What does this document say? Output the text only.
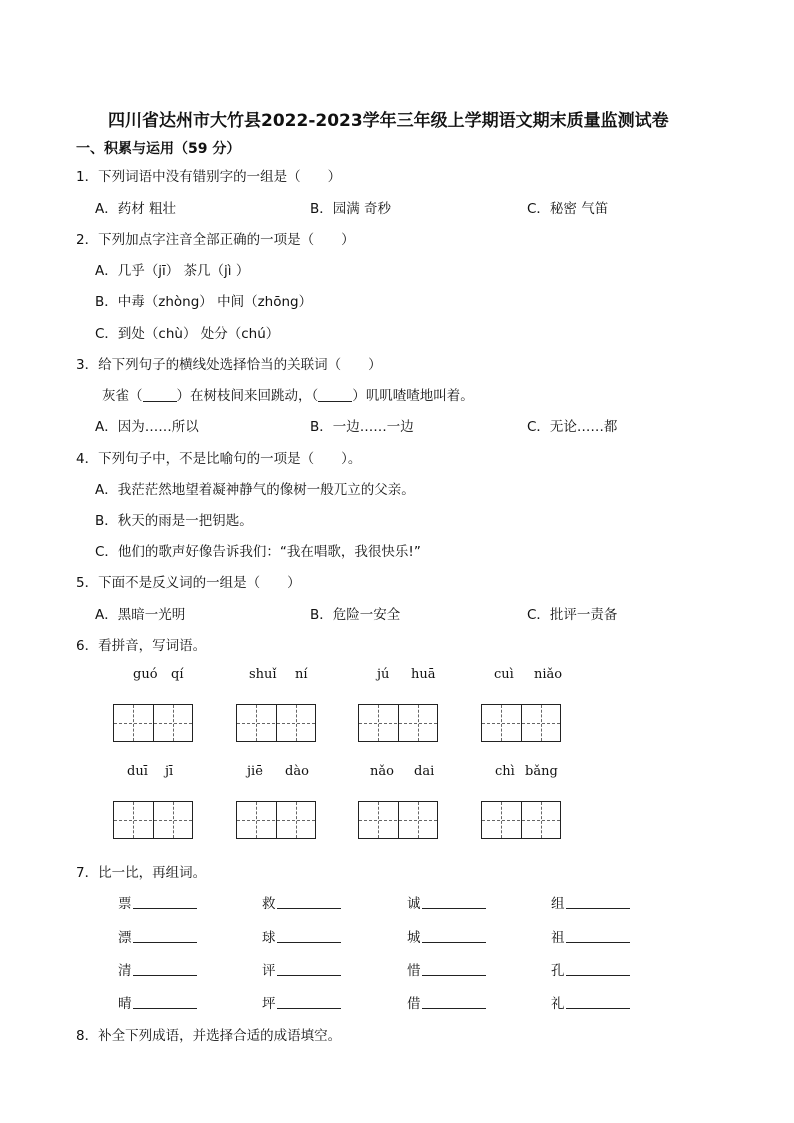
四川省达州市大竹县2022-2023学年三年级上学期语文期末质量监测试卷
一、积累与运用（59 分）
1．下列词语中没有错别字的一组是（　　）
A．药材 粗壮	B．园满 奇秒	C．秘密 气笛
2．下列加点字注音全部正确的一项是（　　）
A．几乎（jī） 茶几（jì ）
B．中毒（zhòng） 中间（zhōng）
C．到处（chù） 处分（chú）
3．给下列句子的横线处选择恰当的关联词（　　）
灰雀（	）在树枝间来回跳动，（	）叽叽喳喳地叫着。
A．因为……所以	B．一边……一边	C．无论……都
4．下列句子中，不是比喻句的一项是（　　）。
A．我茫茫然地望着凝神静气的像树一般兀立的父亲。
B．秋天的雨是一把钥匙。
C．他们的歌声好像告诉我们：“我在唱歌，我很快乐!”
5．下面不是反义词的一组是（　　）
A．黑暗一光明	B．危险一安全	C．批评一责备
6．看拼音，写词语。
guó qí	shuǐ ní	jú huā	cuì niǎo
duī jī	jiē dào	nǎo dai	chì bǎng
7．比一比，再组词。
票	救	诚	组
漂	球	城	祖
清	评	惜	孔
晴	坪	借	礼
8．补全下列成语，并选择合适的成语填空。
